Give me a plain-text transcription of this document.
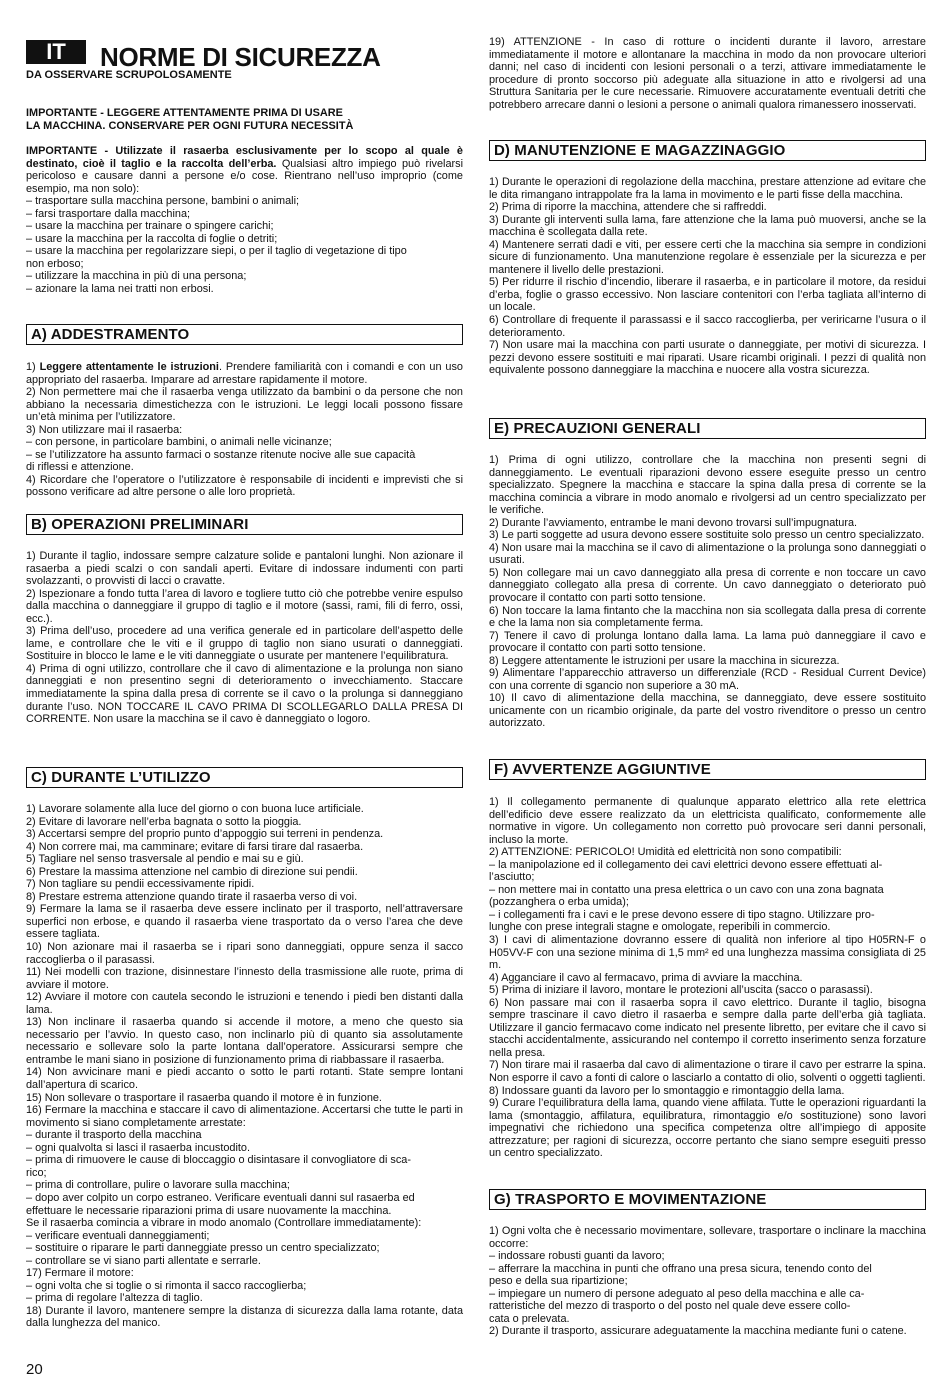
IT	NORME DI SICUREZZA
DA OSSERVARE SCRUPOLOSAMENTE

IMPORTANTE - LEGGERE ATTENTAMENTE PRIMA DI USARE
LA MACCHINA. CONSERVARE PER OGNI FUTURA NECESSITÀ

IMPORTANTE - Utilizzate il rasaerba esclusivamente per lo scopo al quale è destinato, cioè il taglio e la raccolta dell’erba. Qualsiasi altro impiego può rivelarsi pericoloso e causare danni a persone e/o cose. Rientrano nell’uso improprio (come esempio, ma non solo):
– trasportare sulla macchina persone, bambini o animali;
– farsi trasportare dalla macchina;
– usare la macchina per trainare o spingere carichi;
– usare la macchina per la raccolta di foglie o detriti;
– usare la macchina per regolarizzare siepi, o per il taglio di vegetazione di tipo
non erboso;
– utilizzare la macchina in più di una persona;
– azionare la lama nei tratti non erbosi.

A) ADDESTRAMENTO

1) Leggere attentamente le istruzioni. Prendere familiarità con i comandi e con un uso appropriato del rasaerba. Imparare ad arrestare rapidamente il motore.
2) Non permettere mai che il rasaerba venga utilizzato da bambini o da persone che non abbiano la necessaria dimestichezza con le istruzioni. Le leggi locali possono fissare un’età minima per l’utilizzatore.
3) Non utilizzare mai il rasaerba:
– con persone, in particolare bambini, o animali nelle vicinanze;
– se l’utilizzatore ha assunto farmaci o sostanze ritenute nocive alle sue capacità
di riflessi e attenzione.
4) Ricordare che l’operatore o l’utilizzatore è responsabile di incidenti e imprevisti che si possono verificare ad altre persone o alle loro proprietà.

B) OPERAZIONI PRELIMINARI

1) Durante il taglio, indossare sempre calzature solide e pantaloni lunghi. Non azionare il rasaerba a piedi scalzi o con sandali aperti. Evitare di indossare indumenti con parti svolazzanti, o provvisti di lacci o cravatte.
2) Ispezionare a fondo tutta l’area di lavoro e togliere tutto ciò che potrebbe venire espulso dalla macchina o danneggiare il gruppo di taglio e il motore (sassi, rami, fili di ferro, ossi, ecc.).
3) Prima dell’uso, procedere ad una verifica generale ed in particolare dell’aspetto delle lame, e controllare che le viti e il gruppo di taglio non siano usurati o danneggiati. Sostituire in blocco le lame e le viti danneggiate o usurate per mantenere l’equilibratura.
4) Prima di ogni utilizzo, controllare che il cavo di alimentazione e la prolunga non siano danneggiati e non presentino segni di deterioramento o invecchiamento. Staccare immediatamente la spina dalla presa di corrente se il cavo o la prolunga si danneggiano durante l’uso. NON TOCCARE IL CAVO PRIMA DI SCOLLEGARLO DALLA PRESA DI CORRENTE. Non usare la macchina se il cavo è danneggiato o logoro.

C) DURANTE L’UTILIZZO

1) Lavorare solamente alla luce del giorno o con buona luce artificiale.
2) Evitare di lavorare nell’erba bagnata o sotto la pioggia.
3) Accertarsi sempre del proprio punto d’appoggio sui terreni in pendenza.
4) Non correre mai, ma camminare; evitare di farsi tirare dal rasaerba.
5) Tagliare nel senso trasversale al pendio e mai su e giù.
6) Prestare la massima attenzione nel cambio di direzione sui pendii.
7) Non tagliare su pendii eccessivamente ripidi.
8) Prestare estrema attenzione quando tirate il rasaerba verso di voi.
9) Fermare la lama se il rasaerba deve essere inclinato per il trasporto, nell’attraversare superfici non erbose, e quando il rasaerba viene trasportato da o verso l’area che deve essere tagliata.
10) Non azionare mai il rasaerba se i ripari sono danneggiati, oppure senza il sacco raccoglierba o il parasassi.
11) Nei modelli con trazione, disinnestare l’innesto della trasmissione alle ruote, prima di avviare il motore.
12) Avviare il motore con cautela secondo le istruzioni e tenendo i piedi ben distanti dalla lama.
13) Non inclinare il rasaerba quando si accende il motore, a meno che questo sia necessario per l’avvio. In questo caso, non inclinarlo più di quanto sia assolutamente necessario e sollevare solo la parte lontana dall’operatore. Assicurarsi sempre che entrambe le mani siano in posizione di funzionamento prima di riabbassare il rasaerba.
14) Non avvicinare mani e piedi accanto o sotto le parti rotanti. State sempre lontani dall’apertura di scarico.
15) Non sollevare o trasportare il rasaerba quando il motore è in funzione.
16) Fermare la macchina e staccare il cavo di alimentazione. Accertarsi che tutte le parti in movimento si siano completamente arrestate:
– durante il trasporto della macchina
– ogni qualvolta si lasci il rasaerba incustodito.
– prima di rimuovere le cause di bloccaggio o disintasare il convogliatore di sca-
rico;
– prima di controllare, pulire o lavorare sulla macchina;
– dopo aver colpito un corpo estraneo. Verificare eventuali danni sul rasaerba ed
effettuare le necessarie riparazioni prima di usare nuovamente la macchina.
Se il rasaerba comincia a vibrare in modo anomalo (Controllare immediatamente):
– verificare eventuali danneggiamenti;
– sostituire o riparare le parti danneggiate presso un centro specializzato;
– controllare se vi siano parti allentate e serrarle.
17) Fermare il motore:
– ogni volta che si toglie o si rimonta il sacco raccoglierba;
– prima di regolare l’altezza di taglio.
18) Durante il lavoro, mantenere sempre la distanza di sicurezza dalla lama rotante, data dalla lunghezza del manico.

19) ATTENZIONE - In caso di rotture o incidenti durante il lavoro, arrestare immediatamente il motore e allontanare la macchina in modo da non provocare ulteriori danni; nel caso di incidenti con lesioni personali o a terzi, attivare immediatamente le procedure di pronto soccorso più adeguate alla situazione in atto e rivolgersi ad una Struttura Sanitaria per le cure necessarie. Rimuovere accuratamente eventuali detriti che potrebbero arrecare danni o lesioni a persone o animali qualora rimanessero inosservati.

D) MANUTENZIONE E MAGAZZINAGGIO

1) Durante le operazioni di regolazione della macchina, prestare attenzione ad evitare che le dita rimangano intrappolate fra la lama in movimento e le parti fisse della macchina.
2) Prima di riporre la macchina, attendere che si raffreddi.
3) Durante gli interventi sulla lama, fare attenzione che la lama può muoversi, anche se la macchina è scollegata dalla rete.
4) Mantenere serrati dadi e viti, per essere certi che la macchina sia sempre in condizioni sicure di funzionamento. Una manutenzione regolare è essenziale per la sicurezza e per mantenere il livello delle prestazioni.
5) Per ridurre il rischio d’incendio, liberare il rasaerba, e in particolare il motore, da residui d’erba, foglie o grasso eccessivo. Non lasciare contenitori con l’erba tagliata all’interno di un locale.
6) Controllare di frequente il parassassi e il sacco raccoglierba, per veriricarne l’usura o il deterioramento.
7) Non usare mai la macchina con parti usurate o danneggiate, per motivi di sicurezza. I pezzi devono essere sostituiti e mai riparati. Usare ricambi originali. I pezzi di qualità non equivalente possono danneggiare la macchina e nuocere alla vostra sicurezza.

E) PRECAUZIONI GENERALI

1) Prima di ogni utilizzo, controllare che la macchina non presenti segni di danneggiamento. Le eventuali riparazioni devono essere eseguite presso un centro specializzato. Spegnere la macchina e staccare la spina dalla presa di corrente se la macchina comincia a vibrare in modo anomalo e rivolgersi ad un centro specializzato per le verifiche.
2) Durante l’avviamento, entrambe le mani devono trovarsi sull’impugnatura.
3) Le parti soggette ad usura devono essere sostituite solo presso un centro specializzato.
4) Non usare mai la macchina se il cavo di alimentazione o la prolunga sono danneggiati o usurati.
5) Non collegare mai un cavo danneggiato alla presa di corrente e non toccare un cavo danneggiato collegato alla presa di corrente. Un cavo danneggiato o deteriorato può provocare il contatto con parti sotto tensione.
6) Non toccare la lama fintanto che la macchina non sia scollegata dalla presa di corrente e che la lama non sia completamente ferma.
7) Tenere il cavo di prolunga lontano dalla lama. La lama può danneggiare il cavo e provocare il contatto con parti sotto tensione.
8) Leggere attentamente le istruzioni per usare la macchina in sicurezza.
9) Alimentare l’apparecchio attraverso un differenziale (RCD - Residual Current Device) con una corrente di sgancio non superiore a 30 mA.
10) Il cavo di alimentazione della macchina, se danneggiato, deve essere sostituito unicamente con un ricambio originale, da parte del vostro rivenditore o presso un centro autorizzato.

F) AVVERTENZE AGGIUNTIVE

1) Il collegamento permanente di qualunque apparato elettrico alla rete elettrica dell’edificio deve essere realizzato da un elettricista qualificato, conformemente alle normative in vigore. Un collegamento non corretto può provocare seri danni personali, incluso la morte.
2) ATTENZIONE: PERICOLO! Umidità ed elettricità non sono compatibili:
– la manipolazione ed il collegamento dei cavi elettrici devono essere effettuati al-
l’asciutto;
– non mettere mai in contatto una presa elettrica o un cavo con una zona bagnata
(pozzanghera o erba umida);
– i collegamenti fra i cavi e le prese devono essere di tipo stagno. Utilizzare pro-
lunghe con prese integrali stagne e omologate, reperibili in commercio.
3) I cavi di alimentazione dovranno essere di qualità non inferiore al tipo H05RN-F o H05VV-F con una sezione minima di 1,5 mm² ed una lunghezza massima consigliata di 25 m.
4) Agganciare il cavo al fermacavo, prima di avviare la macchina.
5) Prima di iniziare il lavoro, montare le protezioni all’uscita (sacco o parasassi).
6) Non passare mai con il rasaerba sopra il cavo elettrico. Durante il taglio, bisogna sempre trascinare il cavo dietro il rasaerba e sempre dalla parte dell’erba già tagliata. Utilizzare il gancio fermacavo come indicato nel presente libretto, per evitare che il cavo si stacchi accidentalmente, assicurando nel contempo il corretto inserimento senza forzature nella presa.
7) Non tirare mai il rasaerba dal cavo di alimentazione o tirare il cavo per estrarre la spina. Non esporre il cavo a fonti di calore o lasciarlo a contatto di olio, solventi o oggetti taglienti.
8) Indossare guanti da lavoro per lo smontaggio e rimontaggio della lama.
9) Curare l’equilibratura della lama, quando viene affilata. Tutte le operazioni riguardanti la lama (smontaggio, affilatura, equilibratura, rimontaggio e/o sostituzione) sono lavori impegnativi che richiedono una specifica competenza oltre all’impiego di apposite attrezzature; per ragioni di sicurezza, occorre pertanto che siano sempre eseguiti presso un centro specializzato.

G) TRASPORTO E MOVIMENTAZIONE

1) Ogni volta che è necessario movimentare, sollevare, trasportare o inclinare la macchina occorre:
– indossare robusti guanti da lavoro;
– afferrare la macchina in punti che offrano una presa sicura, tenendo conto del
peso e della sua ripartizione;
– impiegare un numero di persone adeguato al peso della macchina e alle ca-
ratteristiche del mezzo di trasporto o del posto nel quale deve essere collo-
cata o prelevata.
2) Durante il trasporto, assicurare adeguatamente la macchina mediante funi o catene.

20
